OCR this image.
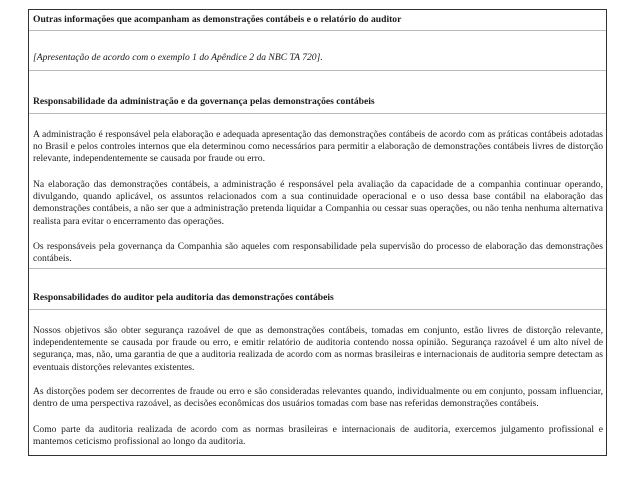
Outras informações que acompanham as demonstrações contábeis e o relatório do auditor
[Apresentação de acordo com o exemplo 1 do Apêndice 2 da NBC TA 720].
Responsabilidade da administração e da governança pelas demonstrações contábeis

A administração é responsável pela elaboração e adequada apresentação das demonstrações contábeis de acordo com as práticas contábeis adotadas no Brasil e pelos controles internos que ela determinou como necessários para permitir a elaboração de demonstrações contábeis livres de distorção relevante, independentemente se causada por fraude ou erro.

Na elaboração das demonstrações contábeis, a administração é responsável pela avaliação da capacidade de a companhia continuar operando, divulgando, quando aplicável, os assuntos relacionados com a sua continuidade operacional e o uso dessa base contábil na elaboração das demonstrações contábeis, a não ser que a administração pretenda liquidar a Companhia ou cessar suas operações, ou não tenha nenhuma alternativa realista para evitar o encerramento das operações.

Os responsáveis pela governança da Companhia são aqueles com responsabilidade pela supervisão do processo de elaboração das demonstrações contábeis.

Responsabilidades do auditor pela auditoria das demonstrações contábeis

Nossos objetivos são obter segurança razoável de que as demonstrações contábeis, tomadas em conjunto, estão livres de distorção relevante, independentemente se causada por fraude ou erro, e emitir relatório de auditoria contendo nossa opinião. Segurança razoável é um alto nível de segurança, mas, não, uma garantia de que a auditoria realizada de acordo com as normas brasileiras e internacionais de auditoria sempre detectam as eventuais distorções relevantes existentes.

As distorções podem ser decorrentes de fraude ou erro e são consideradas relevantes quando, individualmente ou em conjunto, possam influenciar, dentro de uma perspectiva razoável, as decisões econômicas dos usuários tomadas com base nas referidas demonstrações contábeis.

Como parte da auditoria realizada de acordo com as normas brasileiras e internacionais de auditoria, exercemos julgamento profissional e mantemos ceticismo profissional ao longo da auditoria.
